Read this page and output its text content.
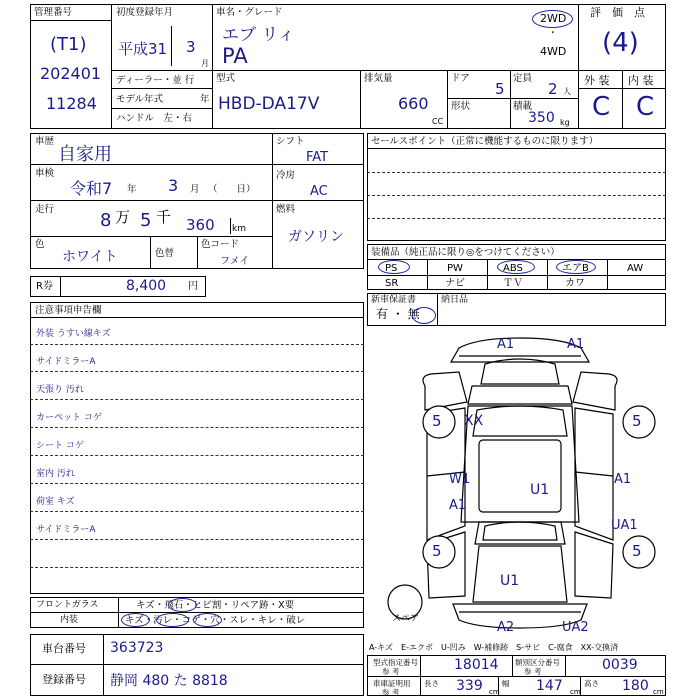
管理番号
(T1)
202401
11284
初度登録年月
平成31 3
月
車名・グレード
エブ リィ
PA
2WD
・
4WD
評　価　点
(4)
ディーラー・並 行
モデル年式	年
ハンドル　左・右
型式
HBD-DA17V
排気量
660
CC
ドア
5
定員
2 人
形状	積載
350 kg
外 装 内 装
C C
車歴
自家用
車検
令和7 年 3 月 （　　日）
走行
8 万 5 千 360 km
色
ホワイト	色替
色コード
フメイ
シフト
FAT
冷房
AC
燃料
ガソリン
R券	8,400 円
セールスポイント（正常に機能するものに限ります）
装備品（純正品に限り◎をつけてください）
PS	PW	ABS	エアB	AW
SR	ナビ	ＴＶ	カワ
新車保証書
有 ・ 無
納日品
注意事項申告欄
外装 うすい線キズ
サイドミラーA
天張り 汚れ
カーペット コゲ
シート コゲ
室内 汚れ
荷室 キズ
サイドミラーA
フロントガラス	キズ・飛石・ヒビ割・リペア跡・X要
内装	キズ・汚レ・コゲ・穴・スレ・キレ・破レ
A1	A1
5 XX	5
W1	A1
U1
A1
UA1
5	5
U1
A2	UA2
スペア
A-キズ　E-エクボ　U-凹み　W-補修跡　S-サビ　C-腐食　XX-交換済
車台番号 363723
登録番号 静岡 480 た 8818
型式指定番号
参 考	18014 類別区分番号
参 考	0039
車庫証明用
参 考
長さ 339 cm
幅 147 cm
高さ 180 cm
